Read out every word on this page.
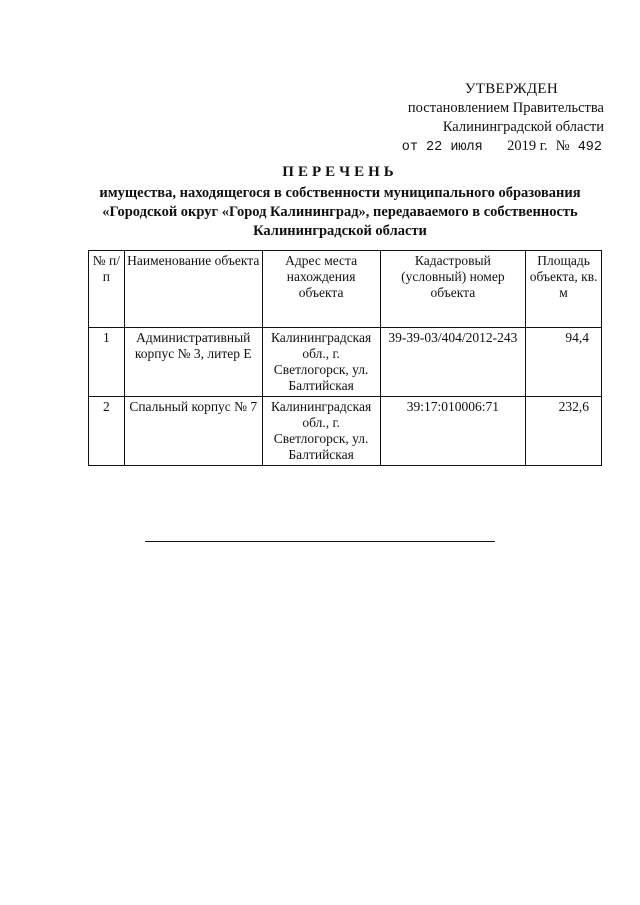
УТВЕРЖДЕН
постановлением Правительства
Калининградской области
от 22 июля 2019 г. № 492
ПЕРЕЧЕНЬ
имущества, находящегося в собственности муниципального образования
«Городской округ «Город Калининград», передаваемого в собственность
Калининградской области
№ п/п	Наименование объекта	Адрес места нахождения объекта	Кадастровый (условный) номер объекта	Площадь объекта, кв. м
1	Административный корпус № 3, литер Е	Калининградская обл., г. Светлогорск, ул. Балтийская	39-39-03/404/2012-243	94,4
2	Спальный корпус № 7	Калининградская обл., г. Светлогорск, ул. Балтийская	39:17:010006:71	232,6
